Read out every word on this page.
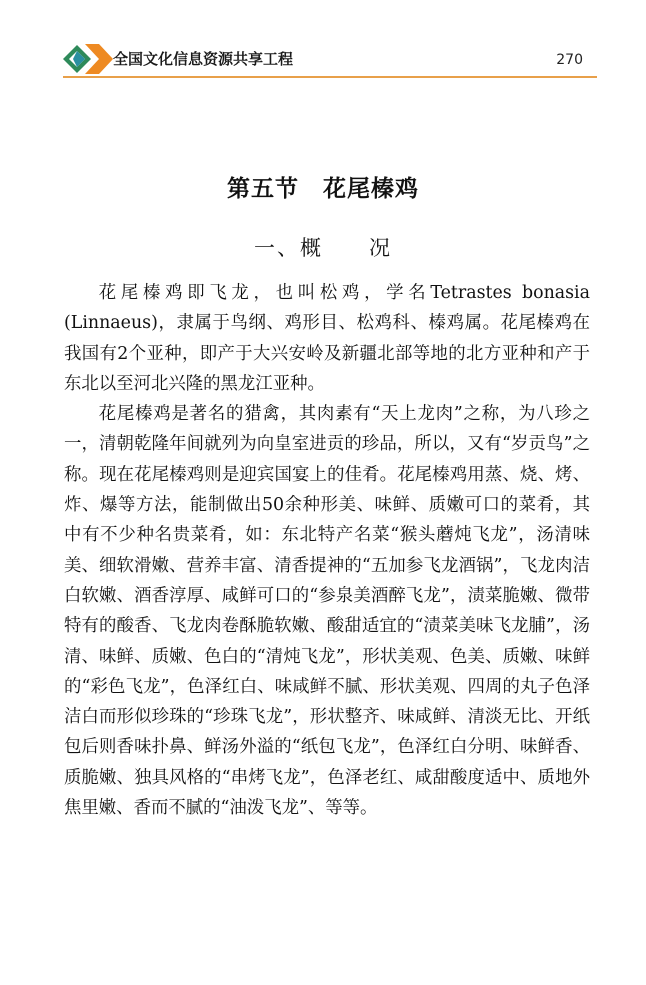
全国文化信息资源共享工程	270
第五节　花尾榛鸡
一、概　　况

花尾榛鸡即飞龙，也叫松鸡，学名Tetrastes bonasia (Linnaeus)，隶属于鸟纲、鸡形目、松鸡科、榛鸡属。花尾榛鸡在我国有2个亚种，即产于大兴安岭及新疆北部等地的北方亚种和产于东北以至河北兴隆的黑龙江亚种。

花尾榛鸡是著名的猎禽，其肉素有“天上龙肉”之称，为八珍之一，清朝乾隆年间就列为向皇室进贡的珍品，所以，又有“岁贡鸟”之称。现在花尾榛鸡则是迎宾国宴上的佳肴。花尾榛鸡用蒸、烧、烤、炸、爆等方法，能制做出50余种形美、味鲜、质嫩可口的菜肴，其中有不少种名贵菜肴，如：东北特产名菜“猴头蘑炖飞龙”，汤清味美、细软滑嫩、营养丰富、清香提神的“五加参飞龙酒锅”，飞龙肉洁白软嫩、酒香淳厚、咸鲜可口的“参泉美酒醉飞龙”，渍菜脆嫩、微带特有的酸香、飞龙肉卷酥脆软嫩、酸甜适宜的“渍菜美味飞龙脯”，汤清、味鲜、质嫩、色白的“清炖飞龙”，形状美观、色美、质嫩、味鲜的“彩色飞龙”，色泽红白、味咸鲜不腻、形状美观、四周的丸子色泽洁白而形似珍珠的“珍珠飞龙”，形状整齐、味咸鲜、清淡无比、开纸包后则香味扑鼻、鲜汤外溢的“纸包飞龙”，色泽红白分明、味鲜香、质脆嫩、独具风格的“串烤飞龙”，色泽老红、咸甜酸度适中、质地外焦里嫩、香而不腻的“油泼飞龙”、等等。
